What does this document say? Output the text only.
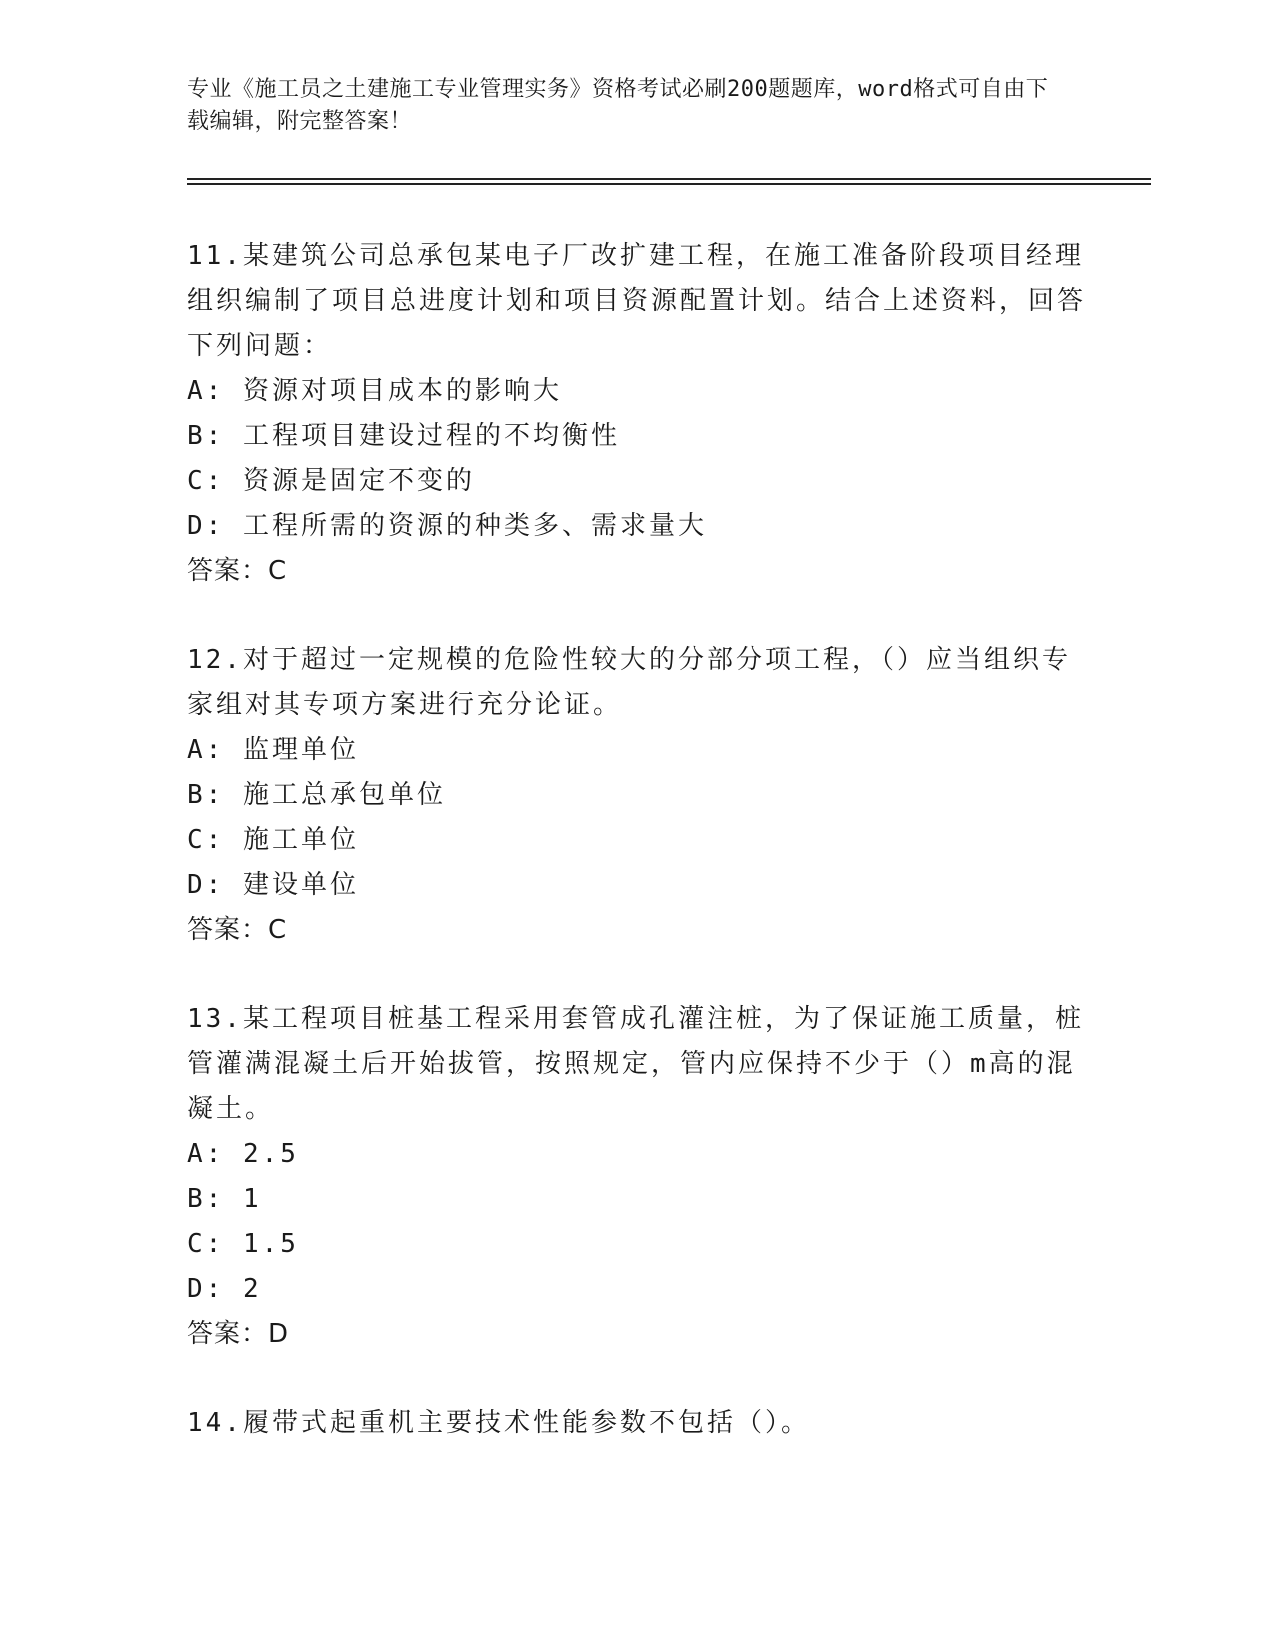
专业《施工员之土建施工专业管理实务》资格考试必刷200题题库，word格式可自由下载编辑，附完整答案！
11.某建筑公司总承包某电子厂改扩建工程，在施工准备阶段项目经理组织编制了项目总进度计划和项目资源配置计划。结合上述资料，回答下列问题：
A: 资源对项目成本的影响大
B: 工程项目建设过程的不均衡性
C: 资源是固定不变的
D: 工程所需的资源的种类多、需求量大
答案：C
12.对于超过一定规模的危险性较大的分部分项工程，（）应当组织专家组对其专项方案进行充分论证。
A: 监理单位
B: 施工总承包单位
C: 施工单位
D: 建设单位
答案：C
13.某工程项目桩基工程采用套管成孔灌注桩，为了保证施工质量，桩管灌满混凝土后开始拔管，按照规定，管内应保持不少于（）m高的混凝土。
A: 2.5
B: 1
C: 1.5
D: 2
答案：D
14.履带式起重机主要技术性能参数不包括（）。
